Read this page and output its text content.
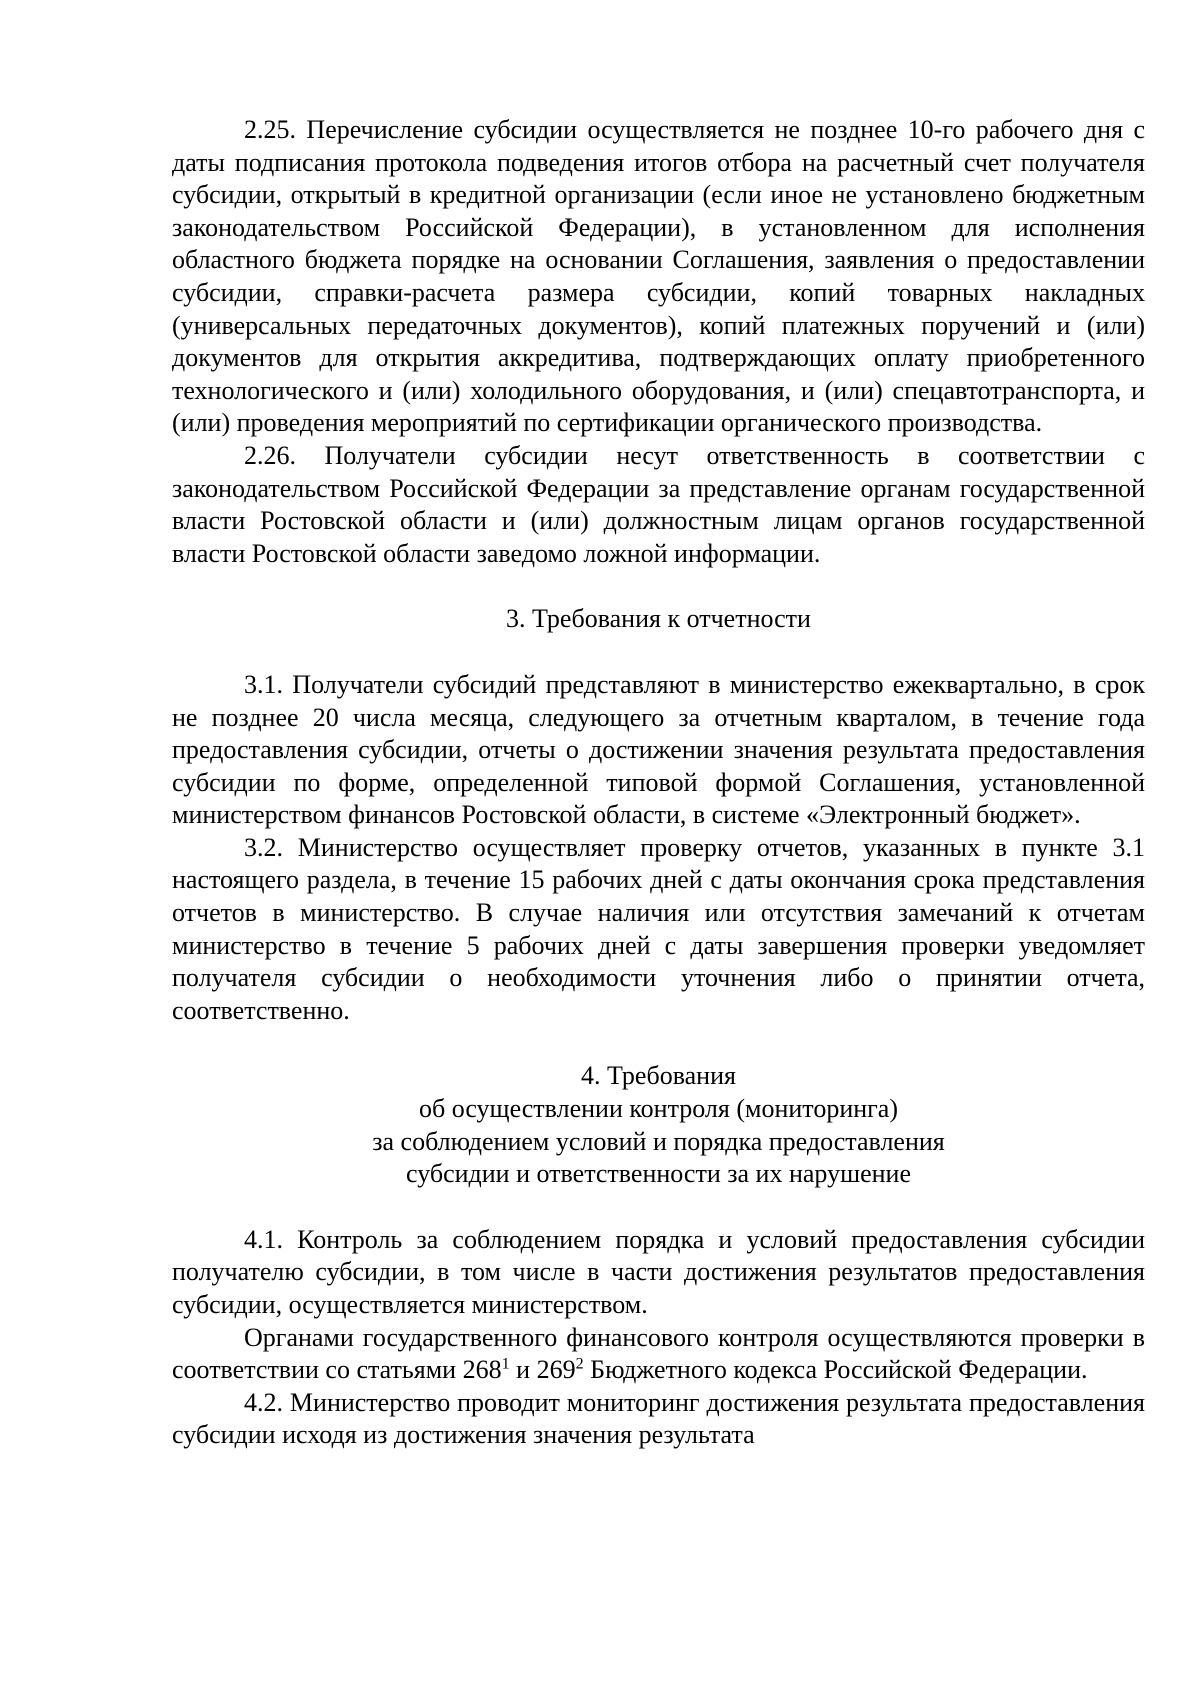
2.25. Перечисление субсидии осуществляется не позднее 10-го рабочего дня с даты подписания протокола подведения итогов отбора на расчетный счет получателя субсидии, открытый в кредитной организации (если иное не установлено бюджетным законодательством Российской Федерации), в установленном для исполнения областного бюджета порядке на основании Соглашения, заявления о предоставлении субсидии, справки-расчета размера субсидии, копий товарных накладных (универсальных передаточных документов), копий платежных поручений и (или) документов для открытия аккредитива, подтверждающих оплату приобретенного технологического и (или) холодильного оборудования, и (или) спецавтотранспорта, и (или) проведения мероприятий по сертификации органического производства.

2.26. Получатели субсидии несут ответственность в соответствии с законодательством Российской Федерации за представление органам государственной власти Ростовской области и (или) должностным лицам органов государственной власти Ростовской области заведомо ложной информации.

3. Требования к отчетности

3.1. Получатели субсидий представляют в министерство ежеквартально, в срок не позднее 20 числа месяца, следующего за отчетным кварталом, в течение года предоставления субсидии, отчеты о достижении значения результата предоставления субсидии по форме, определенной типовой формой Соглашения, установленной министерством финансов Ростовской области, в системе «Электронный бюджет».

3.2. Министерство осуществляет проверку отчетов, указанных в пункте 3.1 настоящего раздела, в течение 15 рабочих дней с даты окончания срока представления отчетов в министерство. В случае наличия или отсутствия замечаний к отчетам министерство в течение 5 рабочих дней с даты завершения проверки уведомляет получателя субсидии о необходимости уточнения либо о принятии отчета, соответственно.

4. Требования
об осуществлении контроля (мониторинга)
за соблюдением условий и порядка предоставления
субсидии и ответственности за их нарушение

4.1. Контроль за соблюдением порядка и условий предоставления субсидии получателю субсидии, в том числе в части достижения результатов предоставления субсидии, осуществляется министерством.

Органами государственного финансового контроля осуществляются проверки в соответствии со статьями $268^1$ и $269^2$ Бюджетного кодекса Российской Федерации.

4.2. Министерство проводит мониторинг достижения результата предоставления субсидии исходя из достижения значения результата
